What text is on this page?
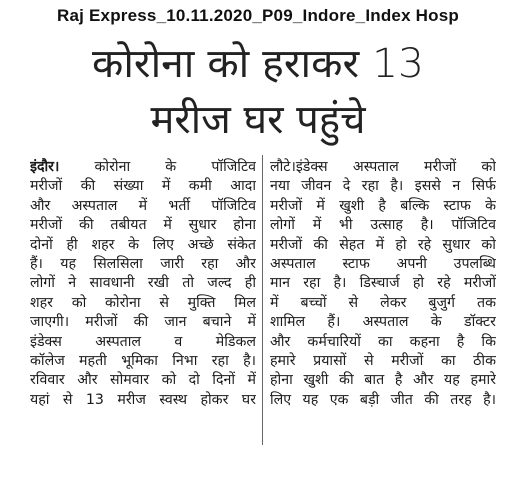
Raj Express_10.11.2020_P09_Indore_Index Hosp
कोरोना को हराकर 13
मरीज घर पहुंचे
इंदौर। कोरोना के पॉजिटिव
मरीजों की संख्या में कमी आदा
और अस्पताल में भर्ती पॉजिटिव
मरीजों की तबीयत में सुधार होना
दोनों ही शहर के लिए अच्छे संकेत
हैं। यह सिलसिला जारी रहा और
लोगों ने सावधानी रखी तो जल्द ही
शहर को कोरोना से मुक्ति मिल
जाएगी। मरीजों की जान बचाने में
इंडेक्स अस्पताल व मेडिकल
कॉलेज महती भूमिका निभा रहा है।
रविवार और सोमवार को दो दिनों में
यहां से 13 मरीज स्वस्थ होकर घर
लौटे।इंडेक्स अस्पताल मरीजों को
नया जीवन दे रहा है। इससे न सिर्फ
मरीजों में खुशी है बल्कि स्टाफ के
लोगों में भी उत्साह है। पॉजिटिव
मरीजों की सेहत में हो रहे सुधार को
अस्पताल स्टाफ अपनी उपलब्धि
मान रहा है। डिस्चार्ज हो रहे मरीजों
में बच्चों से लेकर बुजुर्ग तक
शामिल हैं। अस्पताल के डॉक्टर
और कर्मचारियों का कहना है कि
हमारे प्रयासों से मरीजों का ठीक
होना खुशी की बात है और यह हमारे
लिए यह एक बड़ी जीत की तरह है।
